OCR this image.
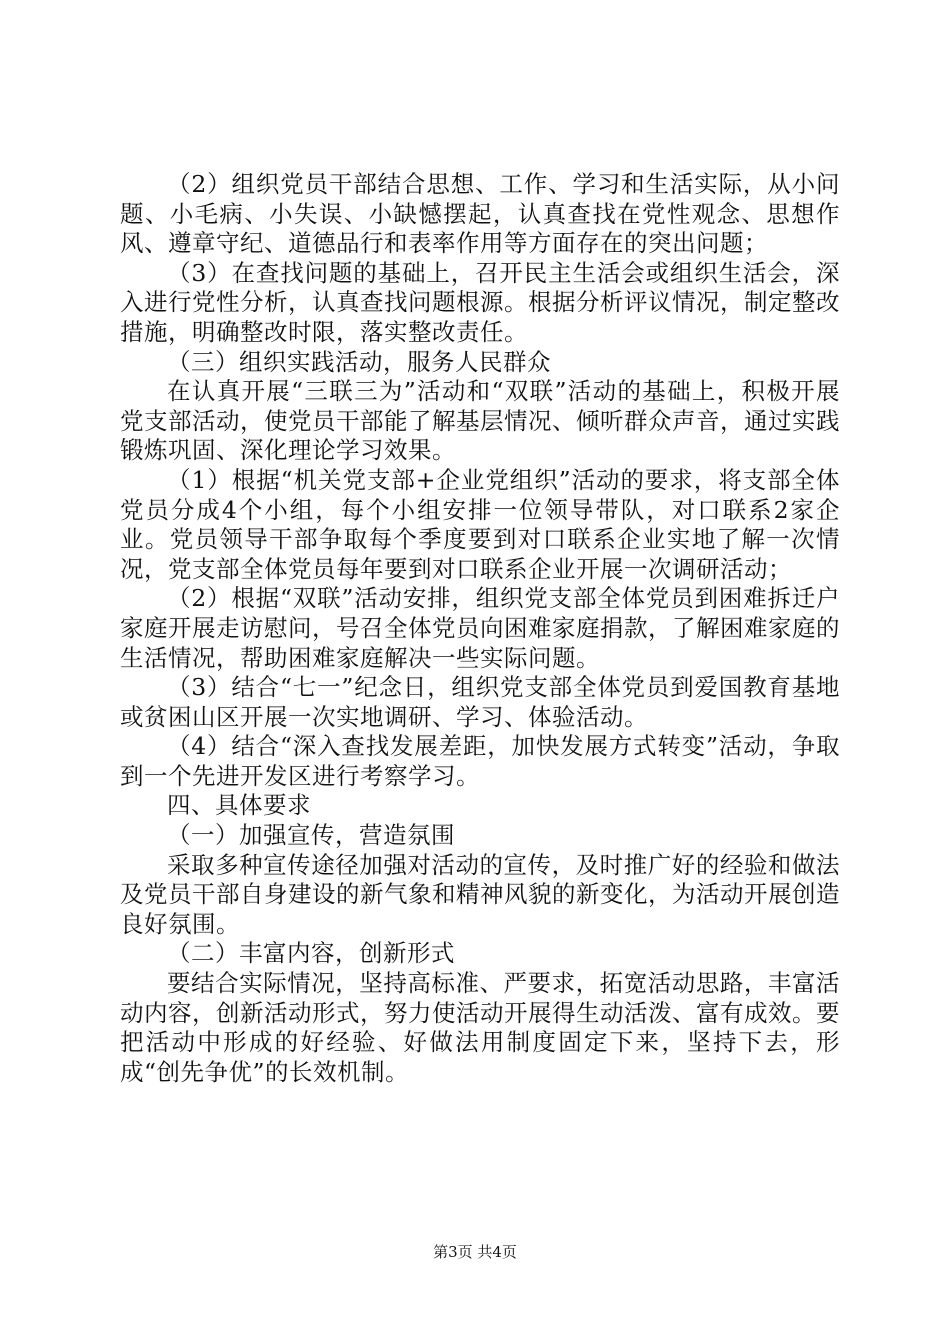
（2）组织党员干部结合思想、工作、学习和生活实际，从小问题、小毛病、小失误、小缺憾摆起，认真查找在党性观念、思想作风、遵章守纪、道德品行和表率作用等方面存在的突出问题；

（3）在查找问题的基础上，召开民主生活会或组织生活会，深入进行党性分析，认真查找问题根源。根据分析评议情况，制定整改措施，明确整改时限，落实整改责任。

（三）组织实践活动，服务人民群众

在认真开展“三联三为”活动和“双联”活动的基础上，积极开展党支部活动，使党员干部能了解基层情况、倾听群众声音，通过实践锻炼巩固、深化理论学习效果。

（1）根据“机关党支部+企业党组织”活动的要求，将支部全体党员分成4个小组，每个小组安排一位领导带队，对口联系2家企业。党员领导干部争取每个季度要到对口联系企业实地了解一次情况，党支部全体党员每年要到对口联系企业开展一次调研活动；

（2）根据“双联”活动安排，组织党支部全体党员到困难拆迁户家庭开展走访慰问，号召全体党员向困难家庭捐款，了解困难家庭的生活情况，帮助困难家庭解决一些实际问题。

（3）结合“七一”纪念日，组织党支部全体党员到爱国教育基地或贫困山区开展一次实地调研、学习、体验活动。

（4）结合“深入查找发展差距，加快发展方式转变”活动，争取到一个先进开发区进行考察学习。

四、具体要求

（一）加强宣传，营造氛围

采取多种宣传途径加强对活动的宣传，及时推广好的经验和做法及党员干部自身建设的新气象和精神风貌的新变化，为活动开展创造良好氛围。

（二）丰富内容，创新形式

要结合实际情况，坚持高标准、严要求，拓宽活动思路，丰富活动内容，创新活动形式，努力使活动开展得生动活泼、富有成效。要把活动中形成的好经验、好做法用制度固定下来，坚持下去，形成“创先争优”的长效机制。

第3页 共4页
